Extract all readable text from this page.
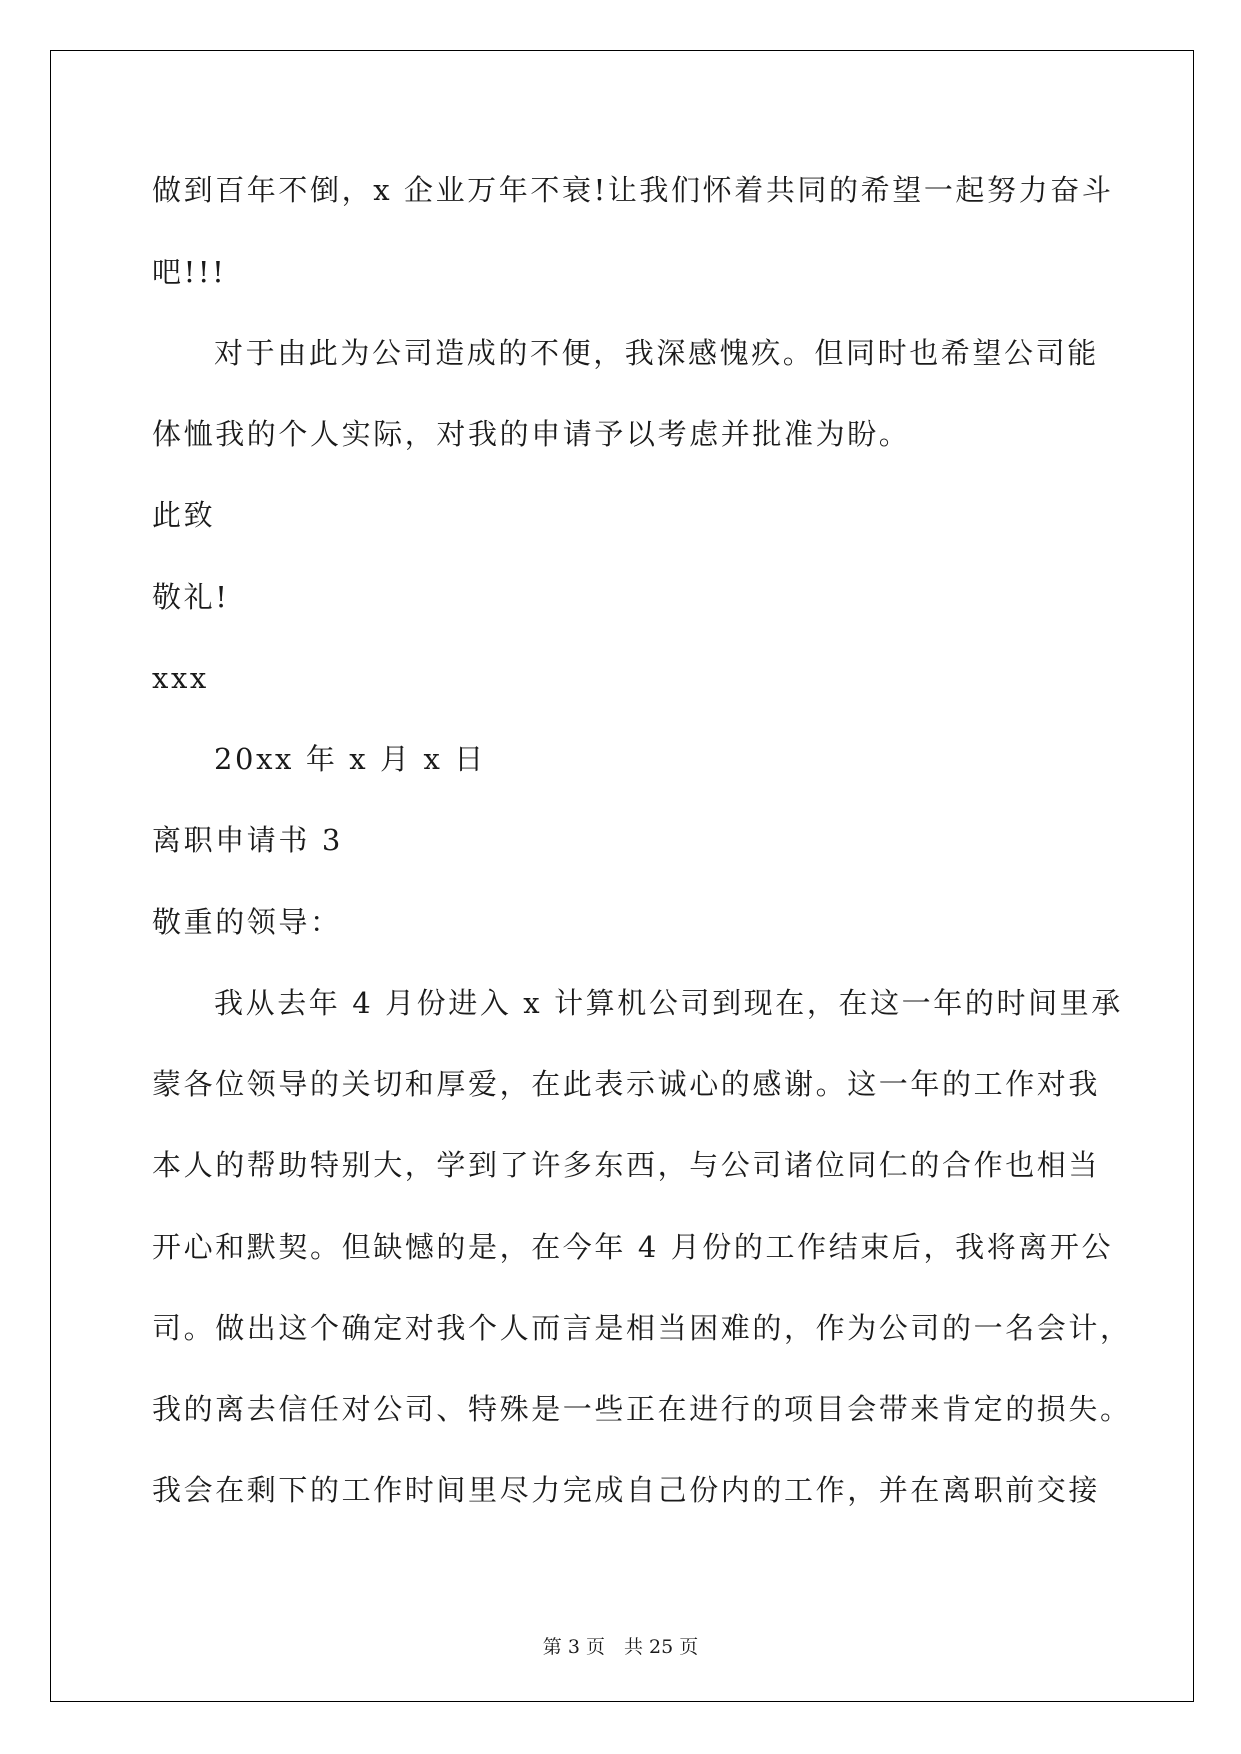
做到百年不倒，x 企业万年不衰!让我们怀着共同的希望一起努力奋斗
吧!!!
对于由此为公司造成的不便，我深感愧疚。但同时也希望公司能
体恤我的个人实际，对我的申请予以考虑并批准为盼。
此致
敬礼!
xxx
20xx 年 x 月 x 日
离职申请书 3
敬重的领导：
我从去年 4 月份进入 x 计算机公司到现在，在这一年的时间里承
蒙各位领导的关切和厚爱，在此表示诚心的感谢。这一年的工作对我
本人的帮助特别大，学到了许多东西，与公司诸位同仁的合作也相当
开心和默契。但缺憾的是，在今年 4 月份的工作结束后，我将离开公
司。做出这个确定对我个人而言是相当困难的，作为公司的一名会计，
我的离去信任对公司、特殊是一些正在进行的项目会带来肯定的损失。
我会在剩下的工作时间里尽力完成自己份内的工作，并在离职前交接
第 3 页　共 25 页
